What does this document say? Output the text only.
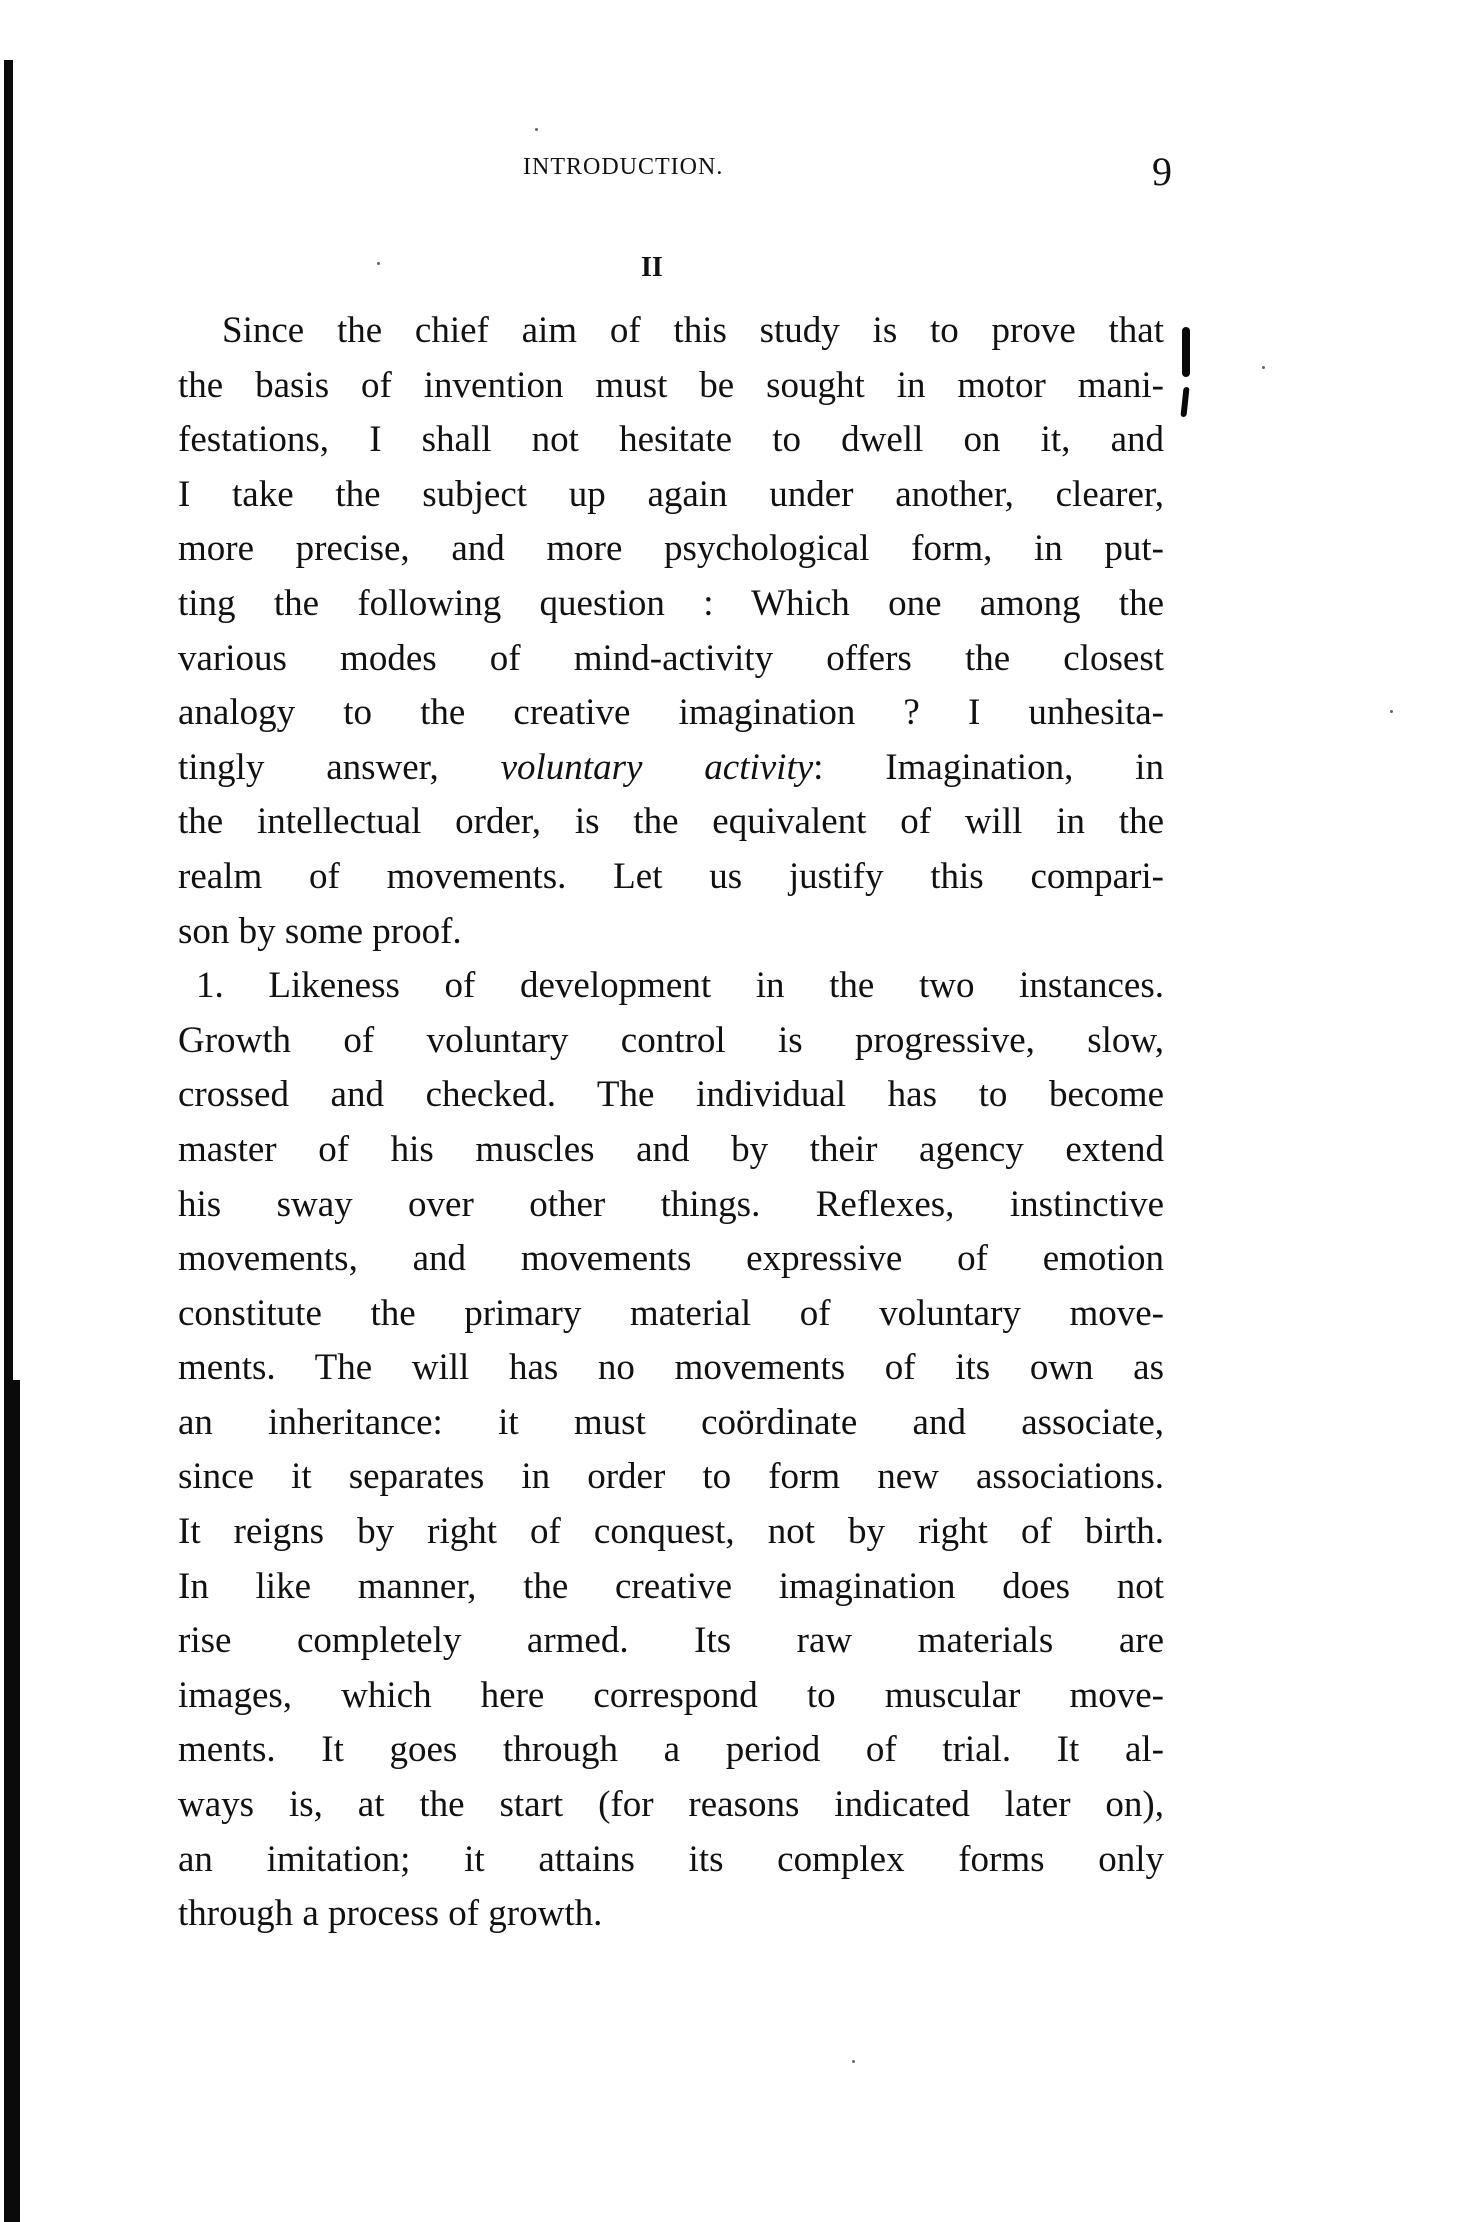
INTRODUCTION.	9
II
Since the chief aim of this study is to prove that
the basis of invention must be sought in motor mani-
festations, I shall not hesitate to dwell on it, and
I take the subject up again under another, clearer,
more precise, and more psychological form, in put-
ting the following question : Which one among the
various modes of mind-activity offers the closest
analogy to the creative imagination ? I unhesita-
tingly answer, voluntary activity: Imagination, in
the intellectual order, is the equivalent of will in the
realm of movements. Let us justify this compari-
son by some proof.
1. Likeness of development in the two instances.
Growth of voluntary control is progressive, slow,
crossed and checked. The individual has to become
master of his muscles and by their agency extend
his sway over other things. Reflexes, instinctive
movements, and movements expressive of emotion
constitute the primary material of voluntary move-
ments. The will has no movements of its own as
an inheritance: it must coördinate and associate,
since it separates in order to form new associations.
It reigns by right of conquest, not by right of birth.
In like manner, the creative imagination does not
rise completely armed. Its raw materials are
images, which here correspond to muscular move-
ments. It goes through a period of trial. It al-
ways is, at the start (for reasons indicated later on),
an imitation; it attains its complex forms only
through a process of growth.
